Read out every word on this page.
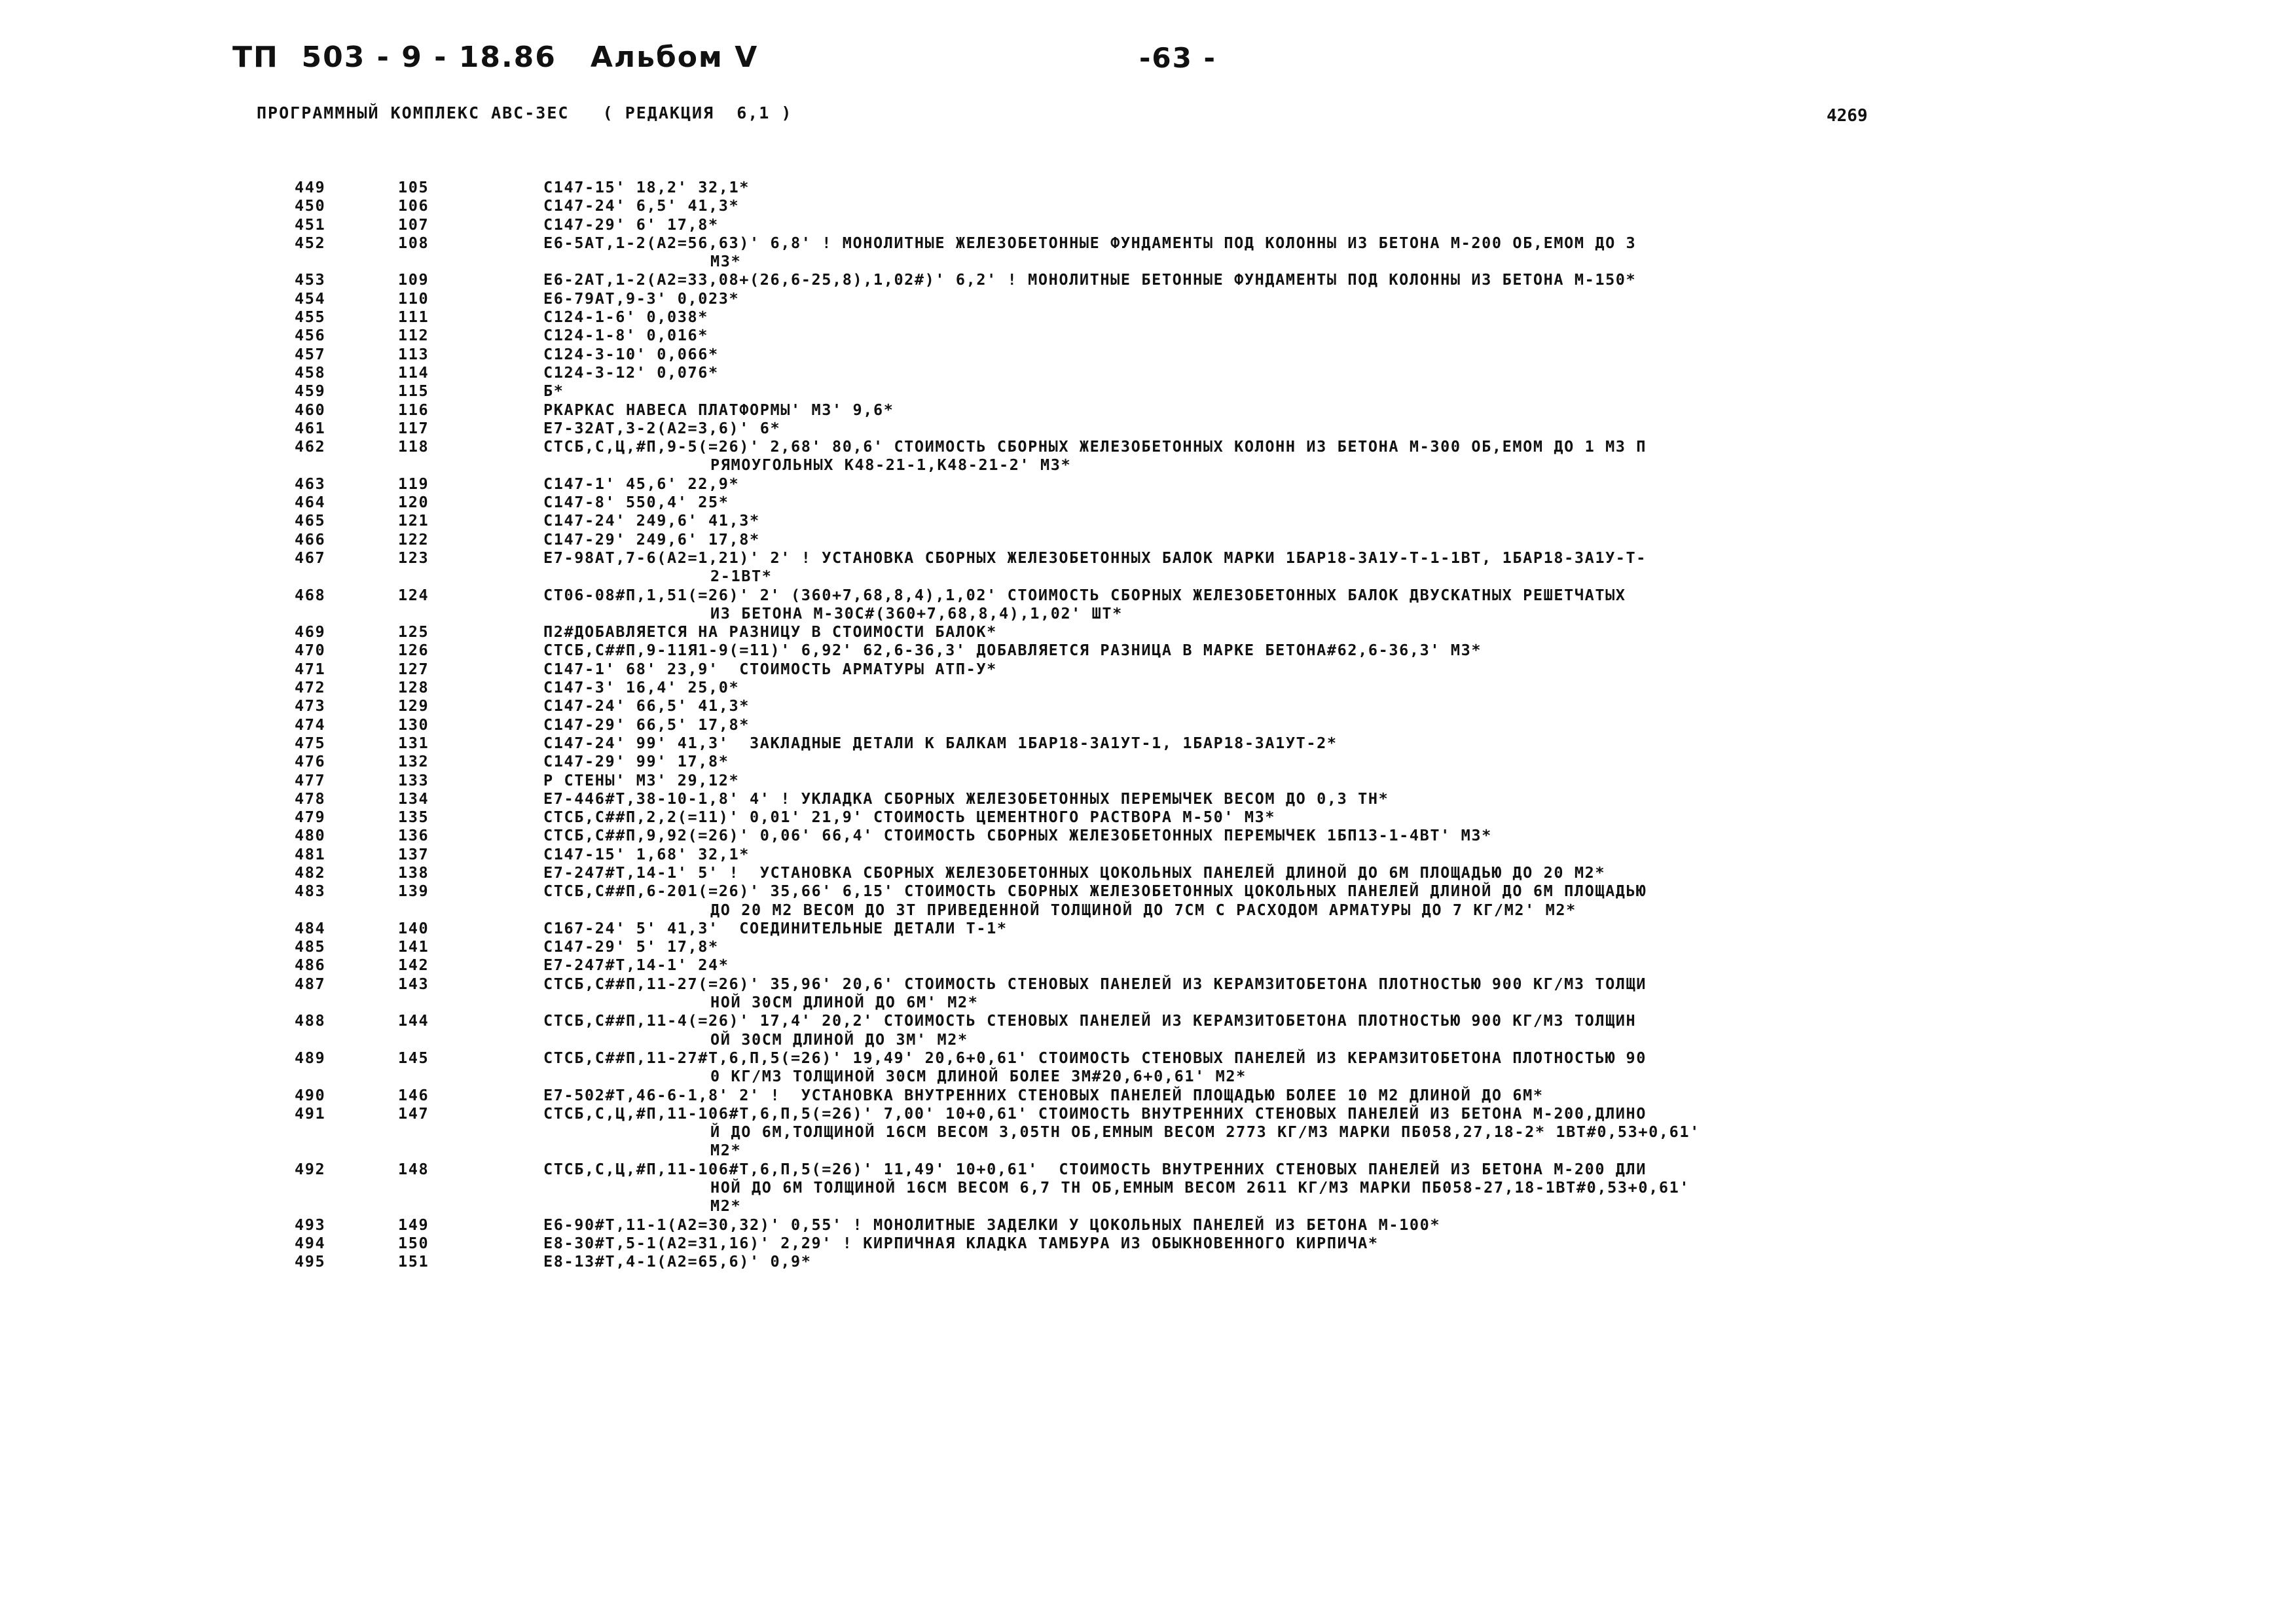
ТП  503 - 9 - 18.86   Альбом V	-63 -
ПРОГРАММНЫЙ КОМПЛЕКС АВС-3ЕС   ( РЕДАКЦИЯ  6,1 )	4269
449	105	С147-15' 18,2' 32,1*
450	106	С147-24' 6,5' 41,3*
451	107	С147-29' 6' 17,8*
452	108	Е6-5АТ,1-2(А2=56,63)' 6,8' ! МОНОЛИТНЫЕ ЖЕЛЕЗОБЕТОННЫЕ ФУНДАМЕНТЫ ПОД КОЛОННЫ ИЗ БЕТОНА М-200 ОБ,ЕМОМ ДО 3
М3*
453	109	Е6-2АТ,1-2(А2=33,08+(26,6-25,8),1,02#)' 6,2' ! МОНОЛИТНЫЕ БЕТОННЫЕ ФУНДАМЕНТЫ ПОД КОЛОННЫ ИЗ БЕТОНА М-150*
454	110	Е6-79АТ,9-3' 0,023*
455	111	С124-1-6' 0,038*
456	112	С124-1-8' 0,016*
457	113	С124-3-10' 0,066*
458	114	С124-3-12' 0,076*
459	115	Б*
460	116	РКАРКАС НАВЕСА ПЛАТФОРМЫ' М3' 9,6*
461	117	Е7-32АТ,3-2(А2=3,6)' 6*
462	118	СТСБ,С,Ц,#П,9-5(=26)' 2,68' 80,6' СТОИМОСТЬ СБОРНЫХ ЖЕЛЕЗОБЕТОННЫХ КОЛОНН ИЗ БЕТОНА М-300 ОБ,ЕМОМ ДО 1 М3 П
РЯМОУГОЛЬНЫХ К48-21-1,К48-21-2' М3*
463	119	С147-1' 45,6' 22,9*
464	120	С147-8' 550,4' 25*
465	121	С147-24' 249,6' 41,3*
466	122	С147-29' 249,6' 17,8*
467	123	Е7-98АТ,7-6(А2=1,21)' 2' ! УСТАНОВКА СБОРНЫХ ЖЕЛЕЗОБЕТОННЫХ БАЛОК МАРКИ 1БАР18-3А1У-Т-1-1ВТ, 1БАР18-3А1У-Т-
2-1ВТ*
468	124	СТ06-08#П,1,51(=26)' 2' (360+7,68,8,4),1,02' СТОИМОСТЬ СБОРНЫХ ЖЕЛЕЗОБЕТОННЫХ БАЛОК ДВУСКАТНЫХ РЕШЕТЧАТЫХ
ИЗ БЕТОНА М-30С#(360+7,68,8,4),1,02' ШТ*
469	125	П2#ДОБАВЛЯЕТСЯ НА РАЗНИЦУ В СТОИМОСТИ БАЛОК*
470	126	СТСБ,С##П,9-11Я1-9(=11)' 6,92' 62,6-36,3' ДОБАВЛЯЕТСЯ РАЗНИЦА В МАРКЕ БЕТОНА#62,6-36,3' М3*
471	127	С147-1' 68' 23,9'  СТОИМОСТЬ АРМАТУРЫ АТП-У*
472	128	С147-3' 16,4' 25,0*
473	129	С147-24' 66,5' 41,3*
474	130	С147-29' 66,5' 17,8*
475	131	С147-24' 99' 41,3'  ЗАКЛАДНЫЕ ДЕТАЛИ К БАЛКАМ 1БАР18-3А1УТ-1, 1БАР18-3А1УТ-2*
476	132	С147-29' 99' 17,8*
477	133	Р СТЕНЫ' М3' 29,12*
478	134	Е7-446#Т,38-10-1,8' 4' ! УКЛАДКА СБОРНЫХ ЖЕЛЕЗОБЕТОННЫХ ПЕРЕМЫЧЕК ВЕСОМ ДО 0,3 ТН*
479	135	СТСБ,С##П,2,2(=11)' 0,01' 21,9' СТОИМОСТЬ ЦЕМЕНТНОГО РАСТВОРА М-50' М3*
480	136	СТСБ,С##П,9,92(=26)' 0,06' 66,4' СТОИМОСТЬ СБОРНЫХ ЖЕЛЕЗОБЕТОННЫХ ПЕРЕМЫЧЕК 1БП13-1-4ВТ' М3*
481	137	С147-15' 1,68' 32,1*
482	138	Е7-247#Т,14-1' 5' !  УСТАНОВКА СБОРНЫХ ЖЕЛЕЗОБЕТОННЫХ ЦОКОЛЬНЫХ ПАНЕЛЕЙ ДЛИНОЙ ДО 6М ПЛОЩАДЬЮ ДО 20 М2*
483	139	СТСБ,С##П,6-201(=26)' 35,66' 6,15' СТОИМОСТЬ СБОРНЫХ ЖЕЛЕЗОБЕТОННЫХ ЦОКОЛЬНЫХ ПАНЕЛЕЙ ДЛИНОЙ ДО 6М ПЛОЩАДЬЮ
ДО 20 М2 ВЕСОМ ДО 3Т ПРИВЕДЕННОЙ ТОЛЩИНОЙ ДО 7СМ С РАСХОДОМ АРМАТУРЫ ДО 7 КГ/М2' М2*
484	140	С167-24' 5' 41,3'  СОЕДИНИТЕЛЬНЫЕ ДЕТАЛИ Т-1*
485	141	С147-29' 5' 17,8*
486	142	Е7-247#Т,14-1' 24*
487	143	СТСБ,С##П,11-27(=26)' 35,96' 20,6' СТОИМОСТЬ СТЕНОВЫХ ПАНЕЛЕЙ ИЗ КЕРАМЗИТОБЕТОНА ПЛОТНОСТЬЮ 900 КГ/М3 ТОЛЩИ
НОЙ 30СМ ДЛИНОЙ ДО 6М' М2*
488	144	СТСБ,С##П,11-4(=26)' 17,4' 20,2' СТОИМОСТЬ СТЕНОВЫХ ПАНЕЛЕЙ ИЗ КЕРАМЗИТОБЕТОНА ПЛОТНОСТЬЮ 900 КГ/М3 ТОЛЩИН
ОЙ 30СМ ДЛИНОЙ ДО 3М' М2*
489	145	СТСБ,С##П,11-27#Т,6,П,5(=26)' 19,49' 20,6+0,61' СТОИМОСТЬ СТЕНОВЫХ ПАНЕЛЕЙ ИЗ КЕРАМЗИТОБЕТОНА ПЛОТНОСТЬЮ 90
0 КГ/М3 ТОЛЩИНОЙ 30СМ ДЛИНОЙ БОЛЕЕ 3М#20,6+0,61' М2*
490	146	Е7-502#Т,46-6-1,8' 2' !  УСТАНОВКА ВНУТРЕННИХ СТЕНОВЫХ ПАНЕЛЕЙ ПЛОЩАДЬЮ БОЛЕЕ 10 М2 ДЛИНОЙ ДО 6М*
491	147	СТСБ,С,Ц,#П,11-106#Т,6,П,5(=26)' 7,00' 10+0,61' СТОИМОСТЬ ВНУТРЕННИХ СТЕНОВЫХ ПАНЕЛЕЙ ИЗ БЕТОНА М-200,ДЛИНО
Й ДО 6М,ТОЛЩИНОЙ 16СМ ВЕСОМ 3,05ТН ОБ,ЕМНЫМ ВЕСОМ 2773 КГ/М3 МАРКИ ПБ058,27,18-2* 1ВТ#0,53+0,61'
М2*
492	148	СТСБ,С,Ц,#П,11-106#Т,6,П,5(=26)' 11,49' 10+0,61'  СТОИМОСТЬ ВНУТРЕННИХ СТЕНОВЫХ ПАНЕЛЕЙ ИЗ БЕТОНА М-200 ДЛИ
НОЙ ДО 6М ТОЛЩИНОЙ 16СМ ВЕСОМ 6,7 ТН ОБ,ЕМНЫМ ВЕСОМ 2611 КГ/М3 МАРКИ ПБ058-27,18-1ВТ#0,53+0,61'
М2*
493	149	Е6-90#Т,11-1(А2=30,32)' 0,55' ! МОНОЛИТНЫЕ ЗАДЕЛКИ У ЦОКОЛЬНЫХ ПАНЕЛЕЙ ИЗ БЕТОНА М-100*
494	150	Е8-30#Т,5-1(А2=31,16)' 2,29' ! КИРПИЧНАЯ КЛАДКА ТАМБУРА ИЗ ОБЫКНОВЕННОГО КИРПИЧА*
495	151	Е8-13#Т,4-1(А2=65,6)' 0,9*
